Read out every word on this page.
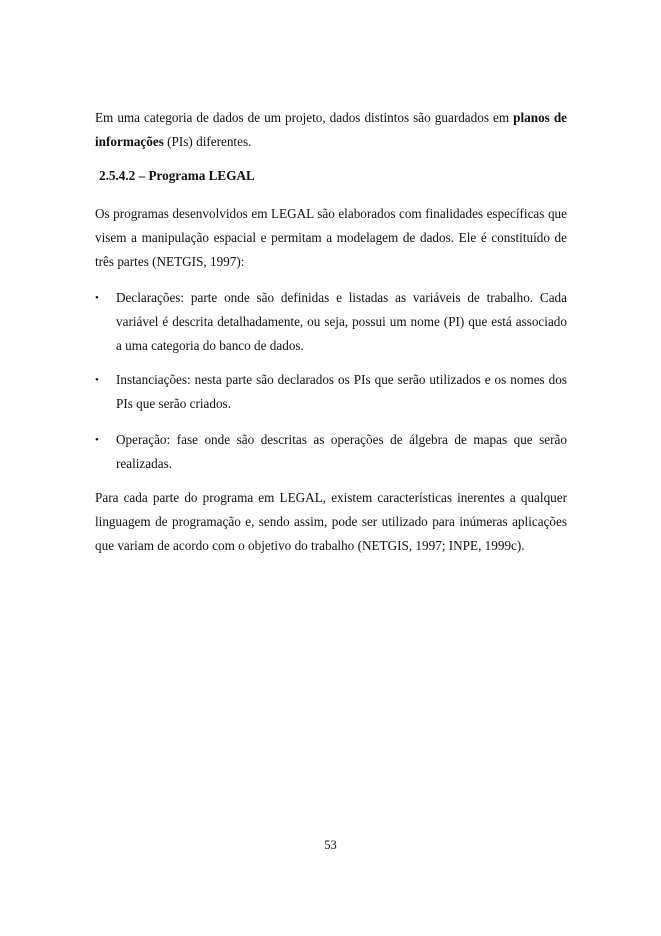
Em uma categoria de dados de um projeto, dados distintos são guardados em planos de informações (PIs) diferentes.

2.5.4.2 – Programa LEGAL

Os programas desenvolvidos em LEGAL são elaborados com finalidades específicas que visem a manipulação espacial e permitam a modelagem de dados. Ele é constituído de três partes (NETGIS, 1997):

•	Declarações: parte onde são definidas e listadas as variáveis de trabalho. Cada variável é descrita detalhadamente, ou seja, possui um nome (PI) que está associado a uma categoria do banco de dados.
•	Instanciações: nesta parte são declarados os PIs que serão utilizados e os nomes dos PIs que serão criados.
•	Operação: fase onde são descritas as operações de álgebra de mapas que serão realizadas.

Para cada parte do programa em LEGAL, existem características inerentes a qualquer linguagem de programação e, sendo assim, pode ser utilizado para inúmeras aplicações que variam de acordo com o objetivo do trabalho (NETGIS, 1997; INPE, 1999c).

53
